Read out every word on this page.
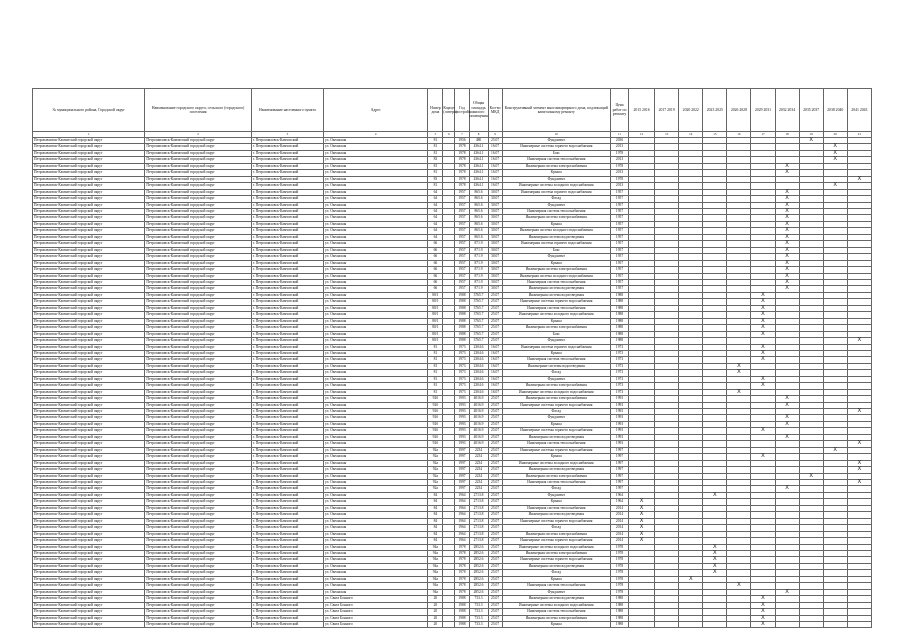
№ муниципального района, Городской округ	Наименование городского округа, сельского (городского) поселения	Наименование населенного пункта	Адрес	Номер дома	Корпус (литера)	Год постройки	Общая площадь жилого помещения	Кол-во МКД	Конструктивный элемент многоквартирного дома, подлежащий капитальному ремонту	Цена работ по ремонту	2015 2016	2017 2019	2020 2022	2023 2025	2026 2028	2029 2031	2032 2034	2035 2037	2038 2040	2041 2043
1	2	3	4	5	6	7	8	9	10	11	12	13	14	15	16	17	18	19	20	21
Петропавловск-Камчатский городской округ	Петропавловск-Камчатский городской округ	г. Петропавловск-Камчатский	ул. Океанская	81		1956	480	25.07	Фундамент	2036								X		
Петропавловск-Камчатский городской округ	Петропавловск-Камчатский городской округ	г. Петропавловск-Камчатский	ул. Океанская	81		1978	4364.1	16.07	Инженерные системы горячего водоснабжения	2013									X	
Петропавловск-Камчатский городской округ	Петропавловск-Камчатский городской округ	г. Петропавловск-Камчатский	ул. Океанская	81		1978	4364.1	16.07	Бокс	1978									X	
Петропавловск-Камчатский городской округ	Петропавловск-Камчатский городской округ	г. Петропавловск-Камчатский	ул. Океанская	83		1978	4364.1	16.07	Инженерная система теплоснабжения	2013									X	
Петропавловск-Камчатский городской округ	Петропавловск-Камчатский городской округ	г. Петропавловск-Камчатский	ул. Океанская	81		1978	4364.1	16.07	Инженерная система электроснабжения	1978							X			
Петропавловск-Камчатский городской округ	Петропавловск-Камчатский городской округ	г. Петропавловск-Камчатский	ул. Океанская	81		1978	4364.1	16.07	Крыша	2013							X			
Петропавловск-Камчатский городской округ	Петропавловск-Камчатский городской округ	г. Петропавловск-Камчатский	ул. Океанская	83		1978	4364.1	16.07	Фундамент	1978										X
Петропавловск-Камчатский городской округ	Петропавловск-Камчатский городской округ	г. Петропавловск-Камчатский	ул. Океанская	81		1978	4364.1	16.07	Инженерные системы холодного водоснабжения	2013									X	
Петропавловск-Камчатский городской округ	Петропавловск-Камчатский городской округ	г. Петропавловск-Камчатский	ул. Океанская	64		1957	865.6	30.07	Инженерная система горячего водоснабжения	1957							X			
Петропавловск-Камчатский городской округ	Петропавловск-Камчатский городской округ	г. Петропавловск-Камчатский	ул. Океанская	64		1957	865.6	30.07	Фасад	1957							X			
Петропавловск-Камчатский городской округ	Петропавловск-Камчатский городской округ	г. Петропавловск-Камчатский	ул. Океанская	64		1957	865.6	30.07	Фундамент	1957							X			
Петропавловск-Камчатский городской округ	Петропавловск-Камчатский городской округ	г. Петропавловск-Камчатский	ул. Океанская	64		1957	865.6	30.07	Инженерная система теплоснабжения	1957							X			
Петропавловск-Камчатский городской округ	Петропавловск-Камчатский городской округ	г. Петропавловск-Камчатский	ул. Океанская	64		1957	865.6	30.07	Инженерная система электроснабжения	1957							X			
Петропавловск-Камчатский городской округ	Петропавловск-Камчатский городской округ	г. Петропавловск-Камчатский	ул. Океанская	64		1957	865.6	30.07	Крыша	1957							X			
Петропавловск-Камчатский городской округ	Петропавловск-Камчатский городской округ	г. Петропавловск-Камчатский	ул. Океанская	64		1957	865.6	30.07	Инженерная система холодного водоснабжения	1957							X			
Петропавловск-Камчатский городской округ	Петропавловск-Камчатский городской округ	г. Петропавловск-Камчатский	ул. Океанская	64		1957	865.6	30.07	Инженерная система водоотведения	1957							X			
Петропавловск-Камчатский городской округ	Петропавловск-Камчатский городской округ	г. Петропавловск-Камчатский	ул. Океанская	66		1957	871.9	30.07	Инженерная система горячего водоснабжения	1957							X			
Петропавловск-Камчатский городской округ	Петропавловск-Камчатский городской округ	г. Петропавловск-Камчатский	ул. Океанская	66		1957	871.9	30.07	Бокс	1957							X			
Петропавловск-Камчатский городской округ	Петропавловск-Камчатский городской округ	г. Петропавловск-Камчатский	ул. Океанская	66		1957	871.9	30.07	Фундамент	1957							X			
Петропавловск-Камчатский городской округ	Петропавловск-Камчатский городской округ	г. Петропавловск-Камчатский	ул. Океанская	66		1957	871.9	30.07	Крыша	1957							X			
Петропавловск-Камчатский городской округ	Петропавловск-Камчатский городской округ	г. Петропавловск-Камчатский	ул. Океанская	66		1957	871.9	30.07	Инженерная система электроснабжения	1957							X			
Петропавловск-Камчатский городской округ	Петропавловск-Камчатский городской округ	г. Петропавловск-Камчатский	ул. Океанская	66		1957	871.9	30.07	Инженерная система холодного водоснабжения	1957							X			
Петропавловск-Камчатский городской округ	Петропавловск-Камчатский городской округ	г. Петропавловск-Камчатский	ул. Океанская	66		1957	871.9	30.07	Инженерная система теплоснабжения	1957							X			
Петропавловск-Камчатский городской округ	Петропавловск-Камчатский городской округ	г. Петропавловск-Камчатский	ул. Океанская	66		1957	871.9	30.07	Инженерная система водоотведения	1957							X			
Петропавловск-Камчатский городской округ	Петропавловск-Камчатский городской округ	г. Петропавловск-Камчатский	ул. Океанская	80/1		1988	3765.7	25.07	Инженерная система водоотведения	1988						X				
Петропавловск-Камчатский городской округ	Петропавловск-Камчатский городской округ	г. Петропавловск-Камчатский	ул. Океанская	80/1		1988	3765.7	25.07	Инженерные системы горячего водоснабжения	1988						X				
Петропавловск-Камчатский городской округ	Петропавловск-Камчатский городской округ	г. Петропавловск-Камчатский	ул. Океанская	80/1		1988	3765.7	25.07	Инженерная система теплоснабжения	1988						X				
Петропавловск-Камчатский городской округ	Петропавловск-Камчатский городской округ	г. Петропавловск-Камчатский	ул. Океанская	80/1		1988	3765.7	25.07	Инженерные системы холодного водоснабжения	1988						X				
Петропавловск-Камчатский городской округ	Петропавловск-Камчатский городской округ	г. Петропавловск-Камчатский	ул. Океанская	80/1		1988	3765.7	25.07	Крыша	1988						X				
Петропавловск-Камчатский городской округ	Петропавловск-Камчатский городской округ	г. Петропавловск-Камчатский	ул. Океанская	80/1		1988	3765.7	25.07	Инженерная система электроснабжения	1988						X				
Петропавловск-Камчатский городской округ	Петропавловск-Камчатский городской округ	г. Петропавловск-Камчатский	ул. Океанская	80/1		1988	3765.7	25.07	Бокс	1988						X				
Петропавловск-Камчатский городской округ	Петропавловск-Камчатский городской округ	г. Петропавловск-Камчатский	ул. Океанская	80/1		1988	3765.7	25.07	Фундамент	1988										X
Петропавловск-Камчатский городской округ	Петропавловск-Камчатский городской округ	г. Петропавловск-Камчатский	ул. Океанская	81		1973	2304.6	16.07	Инженерная система горячего водоснабжения	1973						X				
Петропавловск-Камчатский городской округ	Петропавловск-Камчатский городской округ	г. Петропавловск-Камчатский	ул. Океанская	81		1973	2304.6	16.07	Крыша	1973						X				
Петропавловск-Камчатский городской округ	Петропавловск-Камчатский городской округ	г. Петропавловск-Камчатский	ул. Океанская	81		1973	2304.6	16.07	Инженерная система теплоснабжения	1973						X				
Петропавловск-Камчатский городской округ	Петропавловск-Камчатский городской округ	г. Петропавловск-Камчатский	ул. Океанская	81		1973	2304.6	16.07	Инженерные системы водоотведения	1973					X					
Петропавловск-Камчатский городской округ	Петропавловск-Камчатский городской округ	г. Петропавловск-Камчатский	ул. Океанская	81		1973	2304.6	16.07	Фасад	1973					X					
Петропавловск-Камчатский городской округ	Петропавловск-Камчатский городской округ	г. Петропавловск-Камчатский	ул. Океанская	81		1973	2304.6	16.07	Фундамент	1973						X				
Петропавловск-Камчатский городской округ	Петропавловск-Камчатский городской округ	г. Петропавловск-Камчатский	ул. Океанская	81		1973	2304.6	16.07	Инженерная система электроснабжения	1973						X				
Петропавловск-Камчатский городской округ	Петропавловск-Камчатский городской округ	г. Петропавловск-Камчатский	ул. Океанская	81		1973	2304.6	16.07	Инженерные системы холодного водоснабжения	1973					X					
Петропавловск-Камчатский городской округ	Петропавловск-Камчатский городской округ	г. Петропавловск-Камчатский	ул. Океанская	92б		1993	4016.9	25.07	Инженерная система электроснабжения	1993							X			
Петропавловск-Камчатский городской округ	Петропавловск-Камчатский городской округ	г. Петропавловск-Камчатский	ул. Океанская	92б		1993	4016.9	25.07	Инженерные системы горячего водоснабжения	1993							X			
Петропавловск-Камчатский городской округ	Петропавловск-Камчатский городской округ	г. Петропавловск-Камчатский	ул. Океанская	92б		1993	4016.9	25.07	Фасад	1993										X
Петропавловск-Камчатский городской округ	Петропавловск-Камчатский городской округ	г. Петропавловск-Камчатский	ул. Океанская	92б		1993	4016.9	25.07	Фундамент	1993							X			
Петропавловск-Камчатский городской округ	Петропавловск-Камчатский городской округ	г. Петропавловск-Камчатский	ул. Океанская	92б		1993	4016.9	25.07	Крыша	1993							X			
Петропавловск-Камчатский городской округ	Петропавловск-Камчатский городской округ	г. Петропавловск-Камчатский	ул. Океанская	92б		1993	4016.9	25.07	Инженерные системы горячего водоснабжения	1993						X				
Петропавловск-Камчатский городской округ	Петропавловск-Камчатский городской округ	г. Петропавловск-Камчатский	ул. Океанская	92б		1993	4016.9	25.07	Инженерная система водоотведения	1993							X			
Петропавловск-Камчатский городской округ	Петропавловск-Камчатский городской округ	г. Петропавловск-Камчатский	ул. Океанская	92б		1993	4016.9	25.07	Инженерная система теплоснабжения	1993										X
Петропавловск-Камчатский городской округ	Петропавловск-Камчатский городской округ	г. Петропавловск-Камчатский	ул. Океанская	92а		1997	2234	25.07	Инженерные системы горячего водоснабжения	1997									X	
Петропавловск-Камчатский городской округ	Петропавловск-Камчатский городской округ	г. Петропавловск-Камчатский	ул. Океанская	92а		1997	2234	25.07	Крыша	1997						X				
Петропавловск-Камчатский городской округ	Петропавловск-Камчатский городской округ	г. Петропавловск-Камчатский	ул. Океанская	92а		1997	2234	25.07	Инженерные системы холодного водоснабжения	1997										X
Петропавловск-Камчатский городской округ	Петропавловск-Камчатский городской округ	г. Петропавловск-Камчатский	ул. Океанская	92а		1997	2234	25.07	Инженерная система водоотведения	1997										X
Петропавловск-Камчатский городской округ	Петропавловск-Камчатский городской округ	г. Петропавловск-Камчатский	ул. Океанская	92а		1997	2234	25.07	Инженерная система электроснабжения	1997								X		
Петропавловск-Камчатский городской округ	Петропавловск-Камчатский городской округ	г. Петропавловск-Камчатский	ул. Океанская	92а		1997	2234	25.07	Инженерная система теплоснабжения	1997										X
Петропавловск-Камчатский городской округ	Петропавловск-Камчатский городской округ	г. Петропавловск-Камчатский	ул. Океанская	92а		1997	2234	25.07	Фасад	1997							X			
Петропавловск-Камчатский городской округ	Петропавловск-Камчатский городской округ	г. Петропавловск-Камчатский	ул. Океанская	84		1964	2713.8	25.07	Фундамент	1964				X						
Петропавловск-Камчатский городской округ	Петропавловск-Камчатский городской округ	г. Петропавловск-Камчатский	ул. Океанская	84		1964	2713.8	25.07	Крыша	1964	X									
Петропавловск-Камчатский городской округ	Петропавловск-Камчатский городской округ	г. Петропавловск-Камчатский	ул. Океанская	84		1964	2713.8	25.07	Инженерная система теплоснабжения	2014	X									
Петропавловск-Камчатский городской округ	Петропавловск-Камчатский городской округ	г. Петропавловск-Камчатский	ул. Океанская	84		1964	2713.8	25.07	Инженерная система водоотведения	2014	X									
Петропавловск-Камчатский городской округ	Петропавловск-Камчатский городской округ	г. Петропавловск-Камчатский	ул. Океанская	84		1964	2713.8	25.07	Инженерные системы горячего водоснабжения	2014	X									
Петропавловск-Камчатский городской округ	Петропавловск-Камчатский городской округ	г. Петропавловск-Камчатский	ул. Океанская	84		1964	2713.8	25.07	Фасад	2014	X									
Петропавловск-Камчатский городской округ	Петропавловск-Камчатский городской округ	г. Петропавловск-Камчатский	ул. Океанская	84		1964	2713.8	25.07	Инженерная система электроснабжения	2014	X									
Петропавловск-Камчатский городской округ	Петропавловск-Камчатский городской округ	г. Петропавловск-Камчатский	ул. Океанская	84		1964	2713.8	25.07	Инженерные системы горячего водоснабжения	2014	X									
Петропавловск-Камчатский городской округ	Петропавловск-Камчатский городской округ	г. Петропавловск-Камчатский	ул. Океанская	94а		1978	2852.6	25.07	Инженерные системы холодного водоснабжения	1978				X						
Петропавловск-Камчатский городской округ	Петропавловск-Камчатский городской округ	г. Петропавловск-Камчатский	ул. Океанская	94а		1978	2852.6	25.07	Инженерная система электроснабжения	1978				X						
Петропавловск-Камчатский городской округ	Петропавловск-Камчатский городской округ	г. Петропавловск-Камчатский	ул. Океанская	94а		1978	2852.6	25.07	Инженерные системы горячего водоснабжения	1978				X						
Петропавловск-Камчатский городской округ	Петропавловск-Камчатский городской округ	г. Петропавловск-Камчатский	ул. Океанская	94а		1978	2852.6	25.07	Инженерная система водоотведения	1978				X						
Петропавловск-Камчатский городской округ	Петропавловск-Камчатский городской округ	г. Петропавловск-Камчатский	ул. Океанская	94а		1978	2852.6	25.07	Фасад	1978				X						
Петропавловск-Камчатский городской округ	Петропавловск-Камчатский городской округ	г. Петропавловск-Камчатский	ул. Океанская	94а		1978	2852.6	25.07	Крыша	1978			X							
Петропавловск-Камчатский городской округ	Петропавловск-Камчатский городской округ	г. Петропавловск-Камчатский	ул. Океанская	94а		1978	2852.6	25.07	Инженерная система теплоснабжения	1978					X					
Петропавловск-Камчатский городской округ	Петропавловск-Камчатский городской округ	г. Петропавловск-Камчатский	ул. Океанская	94а		1978	2852.6	25.07	Фундамент	1978							X			
Петропавловск-Камчатский городской округ	Петропавловск-Камчатский городской округ	г. Петропавловск-Камчатский	ул. Свята Бонного	20		1988	733.3	25.07	Инженерная система водоотведения	1988						X				
Петропавловск-Камчатский городской округ	Петропавловск-Камчатский городской округ	г. Петропавловск-Камчатский	ул. Свята Бонного	20		1988	733.3	25.07	Инженерные системы холодного водоснабжения	1988						X				
Петропавловск-Камчатский городской округ	Петропавловск-Камчатский городской округ	г. Петропавловск-Камчатский	ул. Свята Бонного	20		1988	733.3	25.07	Инженерная система теплоснабжения	1988						X				
Петропавловск-Камчатский городской округ	Петропавловск-Камчатский городской округ	г. Петропавловск-Камчатский	ул. Свята Бонного	20		1988	733.3	25.07	Инженерная система электроснабжения	1988						X				
Петропавловск-Камчатский городской округ	Петропавловск-Камчатский городской округ	г. Петропавловск-Камчатский	ул. Свята Бонного	20		1988	733.3	25.07	Крыша	1988						X				
